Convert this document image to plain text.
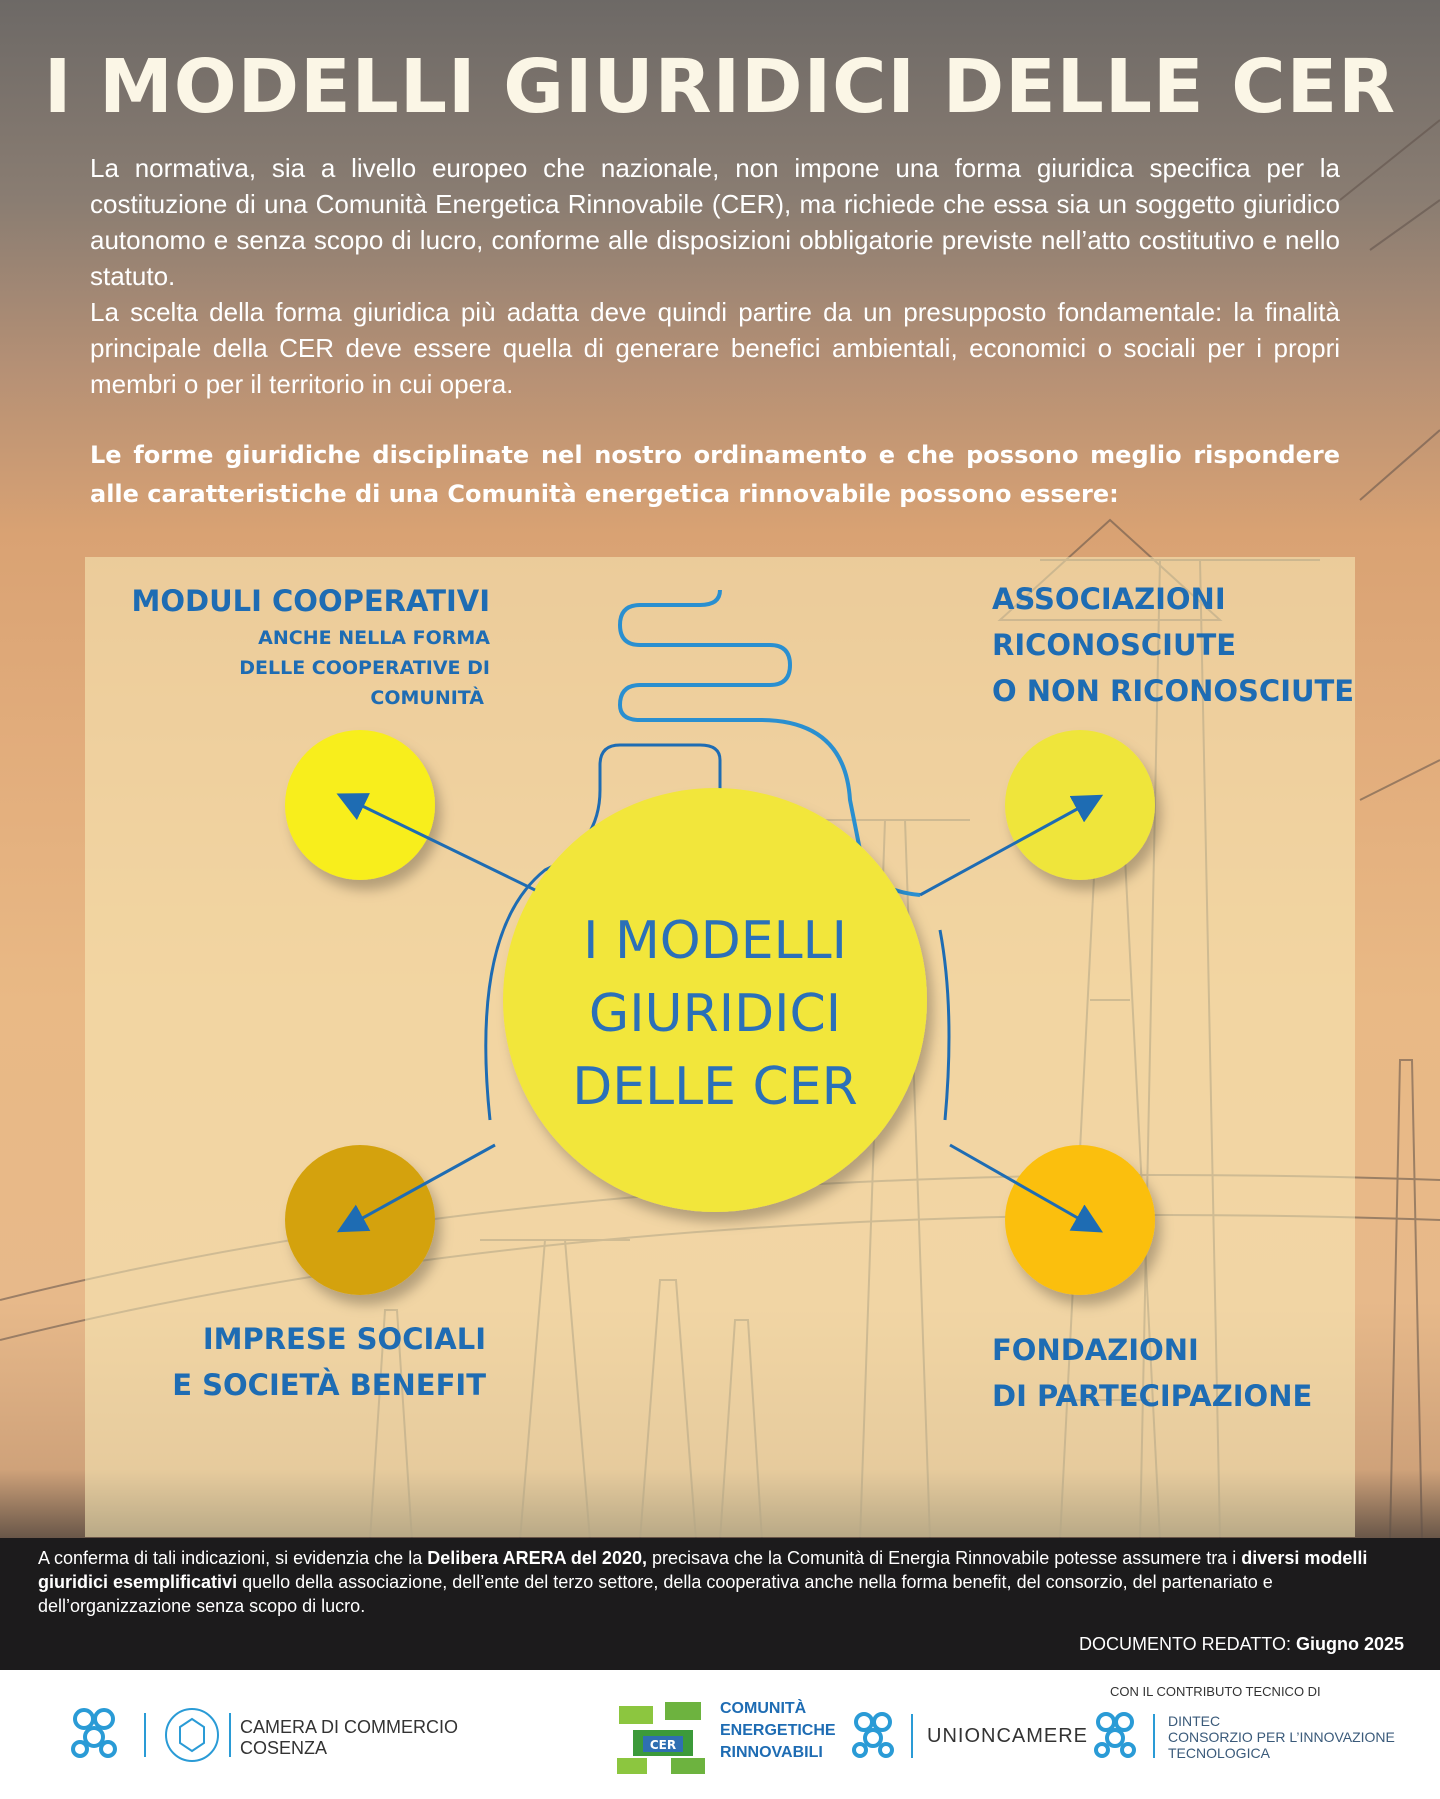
I MODELLI GIURIDICI DELLE CER

La normativa, sia a livello europeo che nazionale, non impone una forma giuridica specifica per la costituzione di una Comunità Energetica Rinnovabile (CER), ma richiede che essa sia un soggetto giuridico autonomo e senza scopo di lucro, conforme alle disposizioni obbligatorie previste nell’atto costitutivo e nello statuto.

La scelta della forma giuridica più adatta deve quindi partire da un presupposto fondamentale: la finalità principale della CER deve essere quella di generare benefici ambientali, economici o sociali per i propri membri o per il territorio in cui opera.

Le forme giuridiche disciplinate nel nostro ordinamento e che possono meglio rispondere alle caratteristiche di una Comunità energetica rinnovabile possono essere:
I MODELLI
GIURIDICI
DELLE CER
MODULI COOPERATIVI
ANCHE NELLA FORMA
DELLE COOPERATIVE DI
COMUNITÀ
ASSOCIAZIONI
RICONOSCIUTE
O NON RICONOSCIUTE
IMPRESE SOCIALI
E SOCIETÀ BENEFIT
FONDAZIONI
DI PARTECIPAZIONE
A conferma di tali indicazioni, si evidenzia che la Delibera ARERA del 2020, precisava che la Comunità di Energia Rinnovabile potesse assumere tra i diversi modelli giuridici esemplificativi quello della associazione, dell’ente del terzo settore, della cooperativa anche nella forma benefit, del consorzio, del partenariato e dell’organizzazione senza scopo di lucro.
DOCUMENTO REDATTO: Giugno 2025
CAMERA DI COMMERCIO
COSENZA	CER
COMUNITÀ
ENERGETICHE
RINNOVABILI
UNIONCAMERE
CON IL CONTRIBUTO TECNICO DI
DINTEC
CONSORZIO PER L’INNOVAZIONE
TECNOLOGICA
